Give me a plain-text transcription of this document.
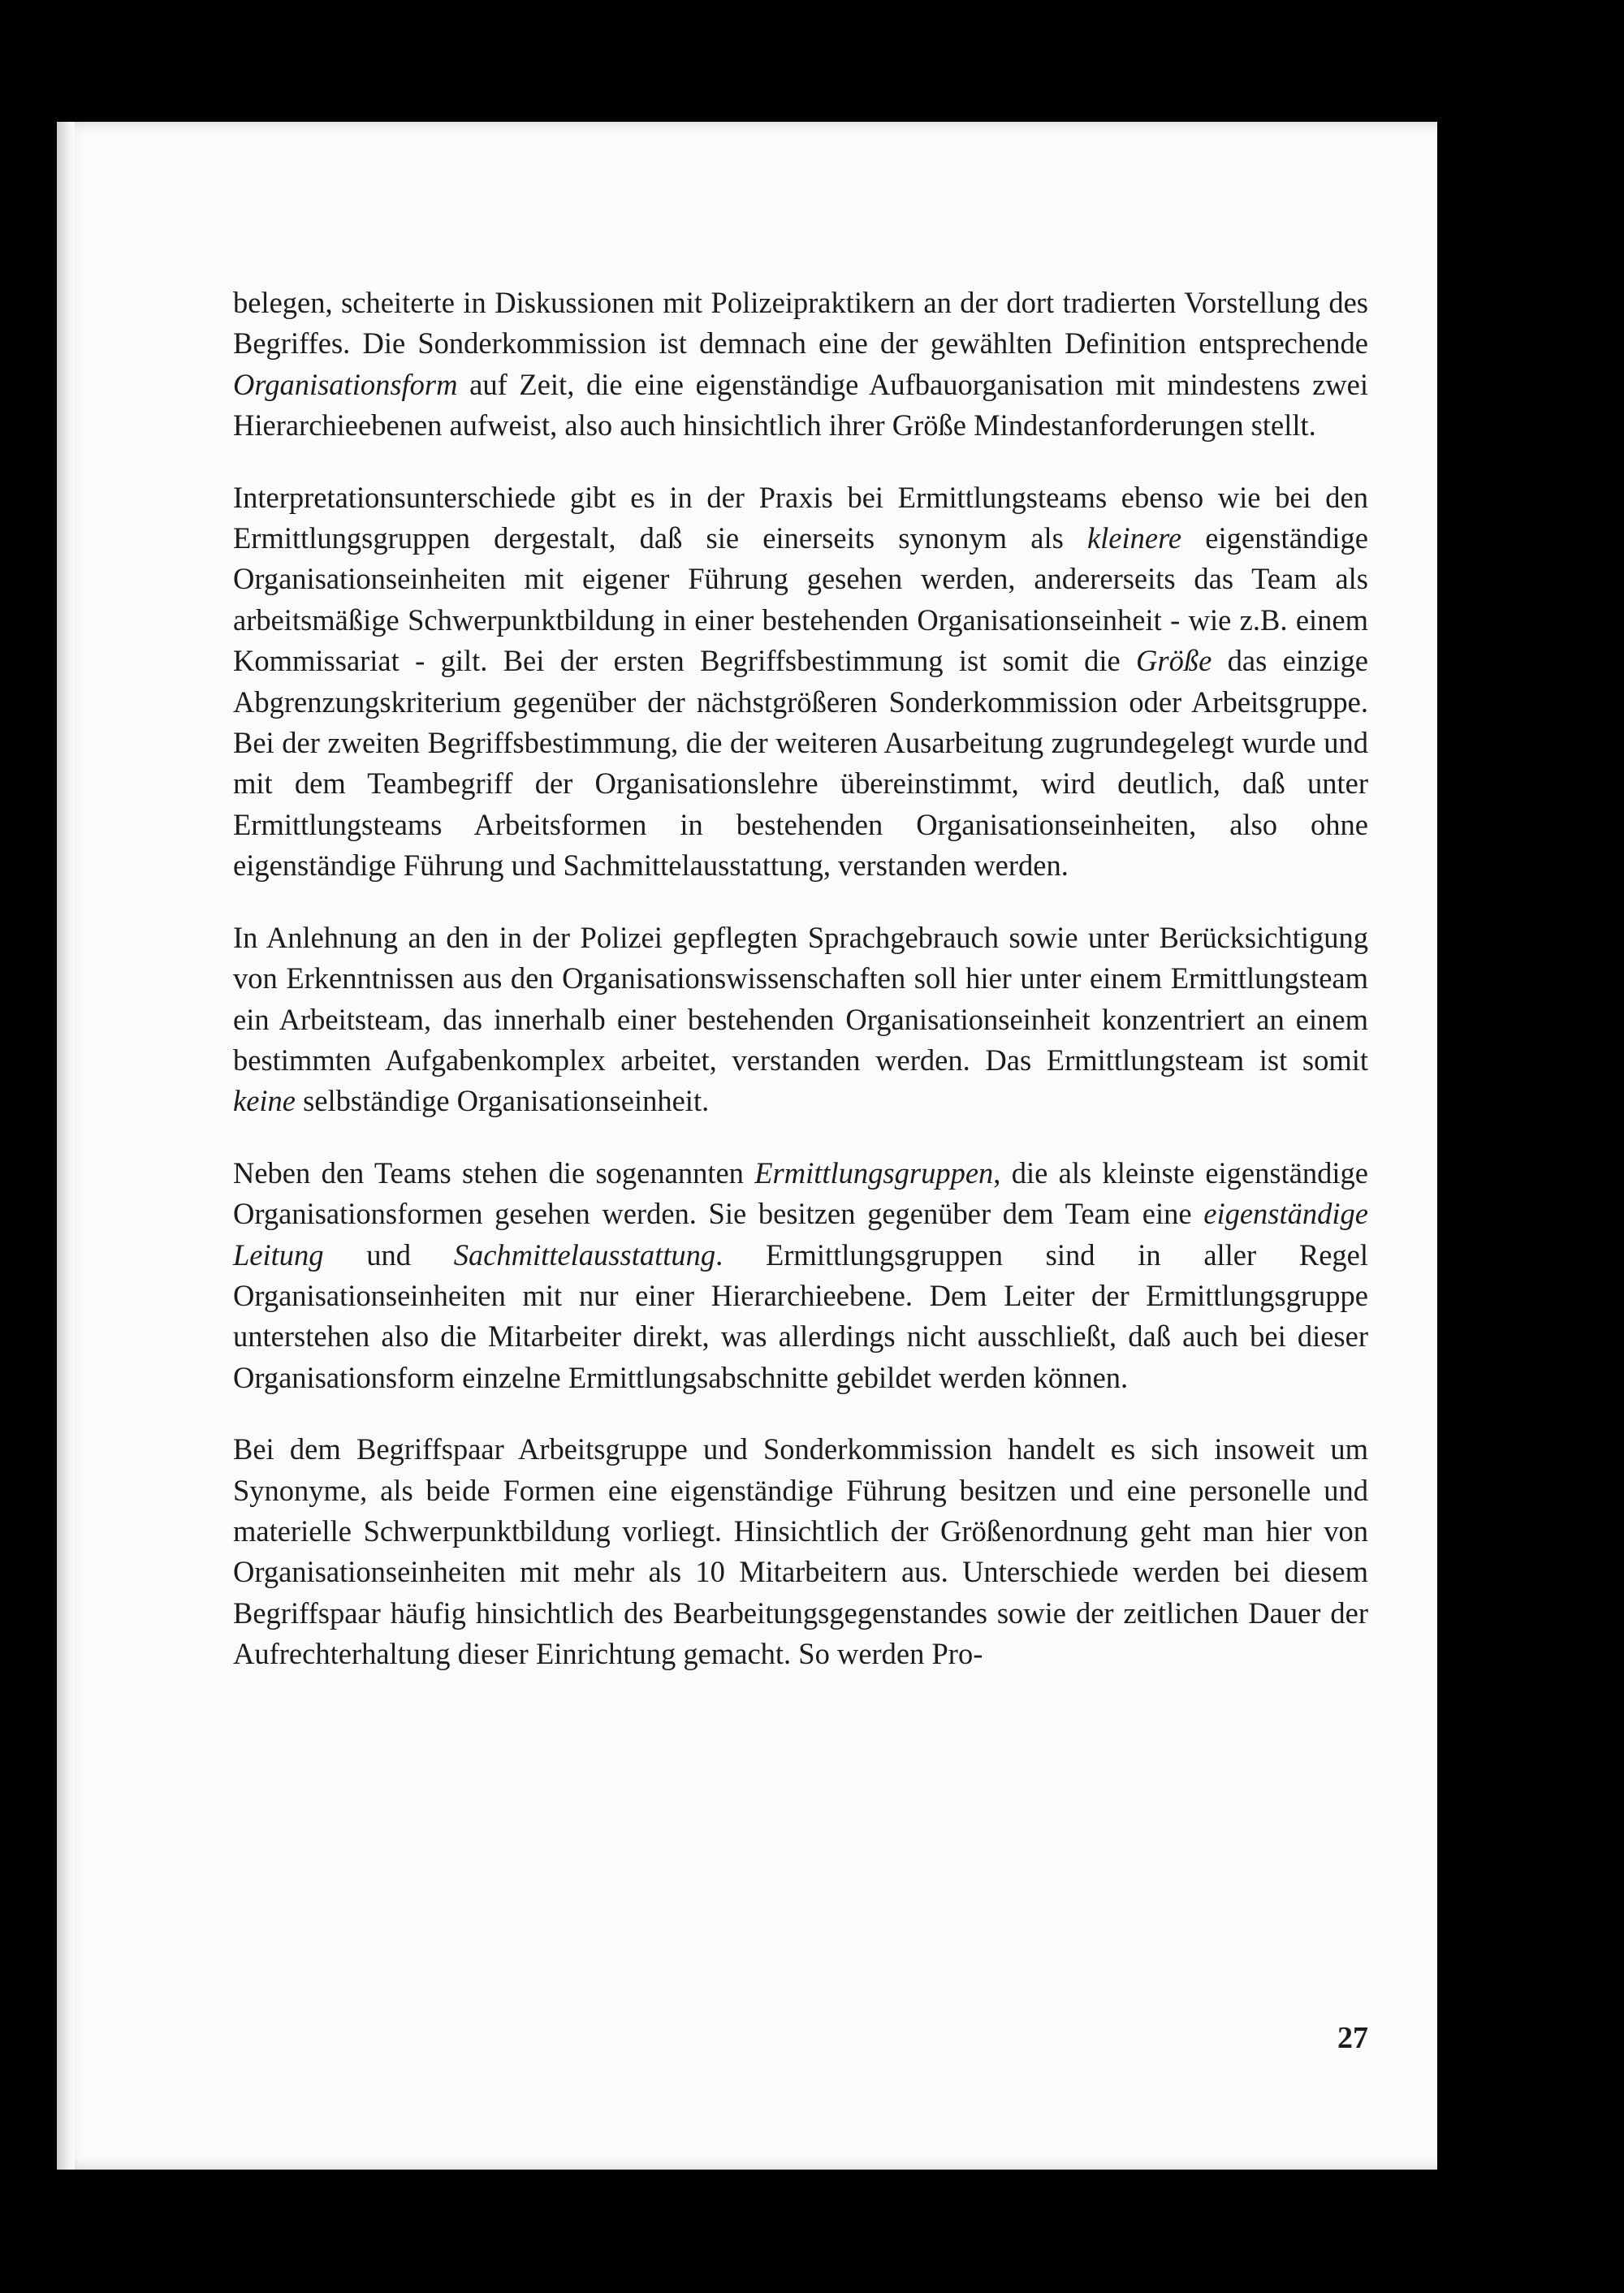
belegen, scheiterte in Diskussionen mit Polizeipraktikern an der dort tradierten Vorstellung des Begriffes. Die Sonderkommission ist demnach eine der gewählten Definition entsprechende Organisationsform auf Zeit, die eine eigenständige Aufbauorganisation mit mindestens zwei Hierarchieebenen aufweist, also auch hinsichtlich ihrer Größe Mindestanforderungen stellt.

Interpretationsunterschiede gibt es in der Praxis bei Ermittlungsteams ebenso wie bei den Ermittlungsgruppen dergestalt, daß sie einerseits synonym als kleinere eigenständige Organisationseinheiten mit eigener Führung gesehen werden, andererseits das Team als arbeitsmäßige Schwerpunktbildung in einer bestehenden Organisationseinheit - wie z.B. einem Kommissariat - gilt. Bei der ersten Begriffsbestimmung ist somit die Größe das einzige Abgrenzungskriterium gegenüber der nächstgrößeren Sonderkommission oder Arbeitsgruppe. Bei der zweiten Begriffsbestimmung, die der weiteren Ausarbeitung zugrundegelegt wurde und mit dem Teambegriff der Organisationslehre übereinstimmt, wird deutlich, daß unter Ermittlungsteams Arbeitsformen in bestehenden Organisationseinheiten, also ohne eigenständige Führung und Sachmittelausstattung, verstanden werden.

In Anlehnung an den in der Polizei gepflegten Sprachgebrauch sowie unter Berücksichtigung von Erkenntnissen aus den Organisationswissenschaften soll hier unter einem Ermittlungsteam ein Arbeitsteam, das innerhalb einer bestehenden Organisationseinheit konzentriert an einem bestimmten Aufgabenkomplex arbeitet, verstanden werden. Das Ermittlungsteam ist somit keine selbständige Organisationseinheit.

Neben den Teams stehen die sogenannten Ermittlungsgruppen, die als kleinste eigenständige Organisationsformen gesehen werden. Sie besitzen gegenüber dem Team eine eigenständige Leitung und Sachmittelausstattung. Ermittlungsgruppen sind in aller Regel Organisationseinheiten mit nur einer Hierarchieebene. Dem Leiter der Ermittlungsgruppe unterstehen also die Mitarbeiter direkt, was allerdings nicht ausschließt, daß auch bei dieser Organisationsform einzelne Ermittlungsabschnitte gebildet werden können.

Bei dem Begriffspaar Arbeitsgruppe und Sonderkommission handelt es sich insoweit um Synonyme, als beide Formen eine eigenständige Führung besitzen und eine personelle und materielle Schwerpunktbildung vorliegt. Hinsichtlich der Größenordnung geht man hier von Organisationseinheiten mit mehr als 10 Mitarbeitern aus. Unterschiede werden bei diesem Begriffspaar häufig hinsichtlich des Bearbeitungsgegenstandes sowie der zeitlichen Dauer der Aufrechterhaltung dieser Einrichtung gemacht. So werden Pro-

27
